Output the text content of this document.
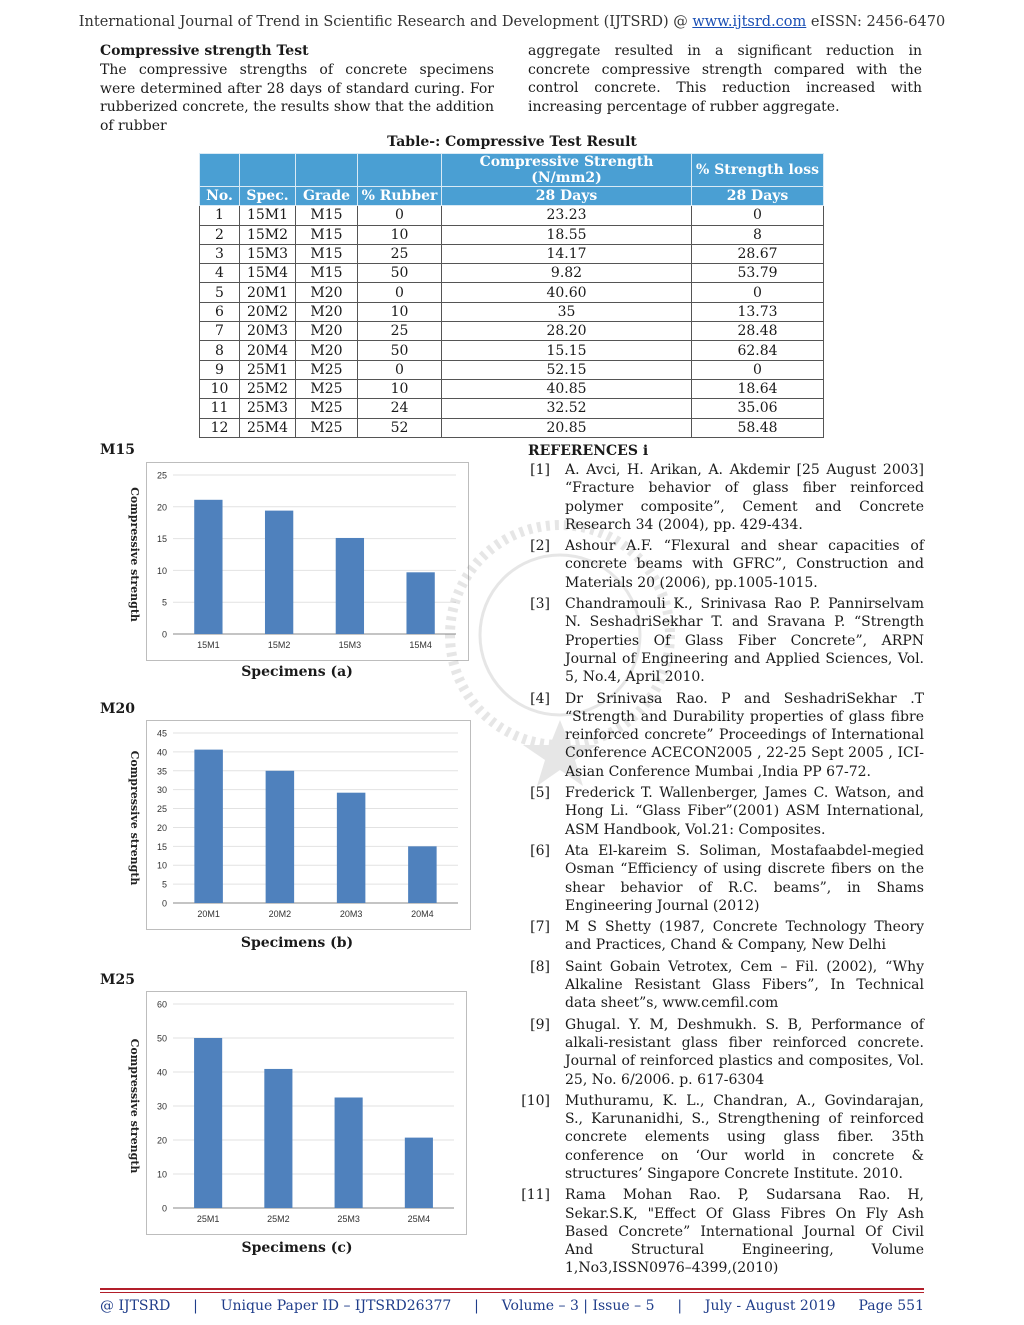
International Journal of Trend in Scientific Research and Development (IJTSRD) @ www.ijtsrd.com eISSN: 2456-6470
Compressive strength Test
The compressive strengths of concrete specimens were determined after 28 days of standard curing. For rubberized concrete, the results show that the addition of rubber
aggregate resulted in a significant reduction in concrete compressive strength compared with the control concrete. This reduction increased with increasing percentage of rubber aggregate.
Table-: Compressive Test Result
				Compressive Strength (N/mm2)	% Strength loss
No.	Spec.	Grade	% Rubber	28 Days	28 Days
1	15M1	M15	0	23.23	0
2	15M2	M15	10	18.55	8
3	15M3	M15	25	14.17	28.67
4	15M4	M15	50	9.82	53.79
5	20M1	M20	0	40.60	0
6	20M2	M20	10	35	13.73
7	20M3	M20	25	28.20	28.48
8	20M4	M20	50	15.15	62.84
9	25M1	M25	0	52.15	0
10	25M2	M25	10	40.85	18.64
11	25M3	M25	24	32.52	35.06
12	25M4	M25	52	20.85	58.48
M15
0
5
10
15
20
25
15M1	15M2	15M3	15M4
Compressive strength
Specimens (a)
M20
0
5
10
15
20
25
30
35
40
45
20M1	20M2	20M3	20M4
Compressive strength
Specimens (b)
M25
0
10
20
30
40
50
60
25M1	25M2	25M3	25M4
Compressive strength
Specimens (c)
REFERENCES i
[1] A. Avci, H. Arikan, A. Akdemir [25 August 2003] “Fracture behavior of glass fiber reinforced polymer composite”, Cement and Concrete Research 34 (2004), pp. 429-434.
[2] Ashour A.F. “Flexural and shear capacities of concrete beams with GFRC”, Construction and Materials 20 (2006), pp.1005-1015.
[3] Chandramouli K., Srinivasa Rao P. Pannirselvam N. SeshadriSekhar T. and Sravana P. “Strength Properties Of Glass Fiber Concrete”, ARPN Journal of Engineering and Applied Sciences, Vol. 5, No.4, April 2010.
[4] Dr Srinivasa Rao. P and SeshadriSekhar .T “Strength and Durability properties of glass fibre reinforced concrete” Proceedings of International Conference ACECON2005 , 22-25 Sept 2005 , ICI- Asian Conference Mumbai ,India PP 67-72.
[5] Frederick T. Wallenberger, James C. Watson, and Hong Li. “Glass Fiber”(2001) ASM International, ASM Handbook, Vol.21: Composites.
[6] Ata El-kareim S. Soliman, Mostafaabdel-megied Osman “Efficiency of using discrete fibers on the shear behavior of R.C. beams”, in Shams Engineering Journal (2012)
[7] M S Shetty (1987, Concrete Technology Theory and Practices, Chand & Company, New Delhi
[8] Saint Gobain Vetrotex, Cem – Fil. (2002), “Why Alkaline Resistant Glass Fibers”, In Technical data sheet”s, www.cemfil.com
[9] Ghugal. Y. M, Deshmukh. S. B, Performance of alkali-resistant glass fiber reinforced concrete. Journal of reinforced plastics and composites, Vol. 25, No. 6/2006. p. 617-6304
[10] Muthuramu, K. L., Chandran, A., Govindarajan, S., Karunanidhi, S., Strengthening of reinforced concrete elements using glass fiber. 35th conference on ‘Our world in concrete & structures’ Singapore Concrete Institute. 2010.
[11] Rama Mohan Rao. P, Sudarsana Rao. H, Sekar.S.K, "Effect Of Glass Fibres On Fly Ash Based Concrete” International Journal Of Civil And Structural Engineering, Volume 1,No3,ISSN0976–4399,(2010)
@ IJTSRD | Unique Paper ID – IJTSRD26377 | Volume – 3 | Issue – 5 | July - August 2019 Page 551
